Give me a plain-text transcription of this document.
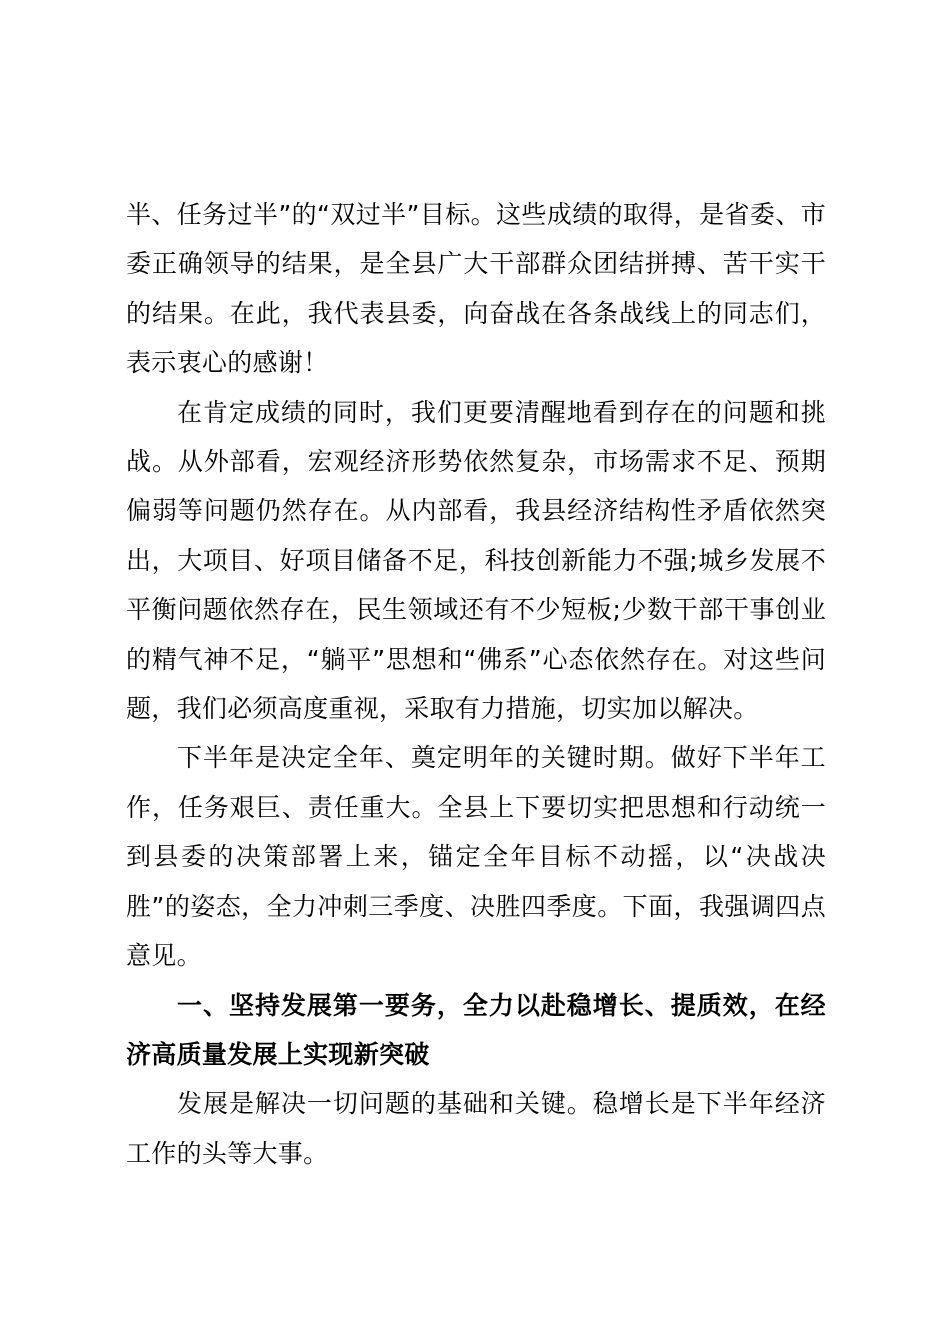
半、任务过半”的“双过半”目标。这些成绩的取得，是省委、市委正确领导的结果，是全县广大干部群众团结拼搏、苦干实干的结果。在此，我代表县委，向奋战在各条战线上的同志们，表示衷心的感谢！

在肯定成绩的同时，我们更要清醒地看到存在的问题和挑战。从外部看，宏观经济形势依然复杂，市场需求不足、预期偏弱等问题仍然存在。从内部看，我县经济结构性矛盾依然突出，大项目、好项目储备不足，科技创新能力不强;城乡发展不平衡问题依然存在，民生领域还有不少短板;少数干部干事创业的精气神不足，“躺平”思想和“佛系”心态依然存在。对这些问题，我们必须高度重视，采取有力措施，切实加以解决。

下半年是决定全年、奠定明年的关键时期。做好下半年工作，任务艰巨、责任重大。全县上下要切实把思想和行动统一到县委的决策部署上来，锚定全年目标不动摇，以“决战决胜”的姿态，全力冲刺三季度、决胜四季度。下面，我强调四点意见。

一、坚持发展第一要务，全力以赴稳增长、提质效，在经济高质量发展上实现新突破

发展是解决一切问题的基础和关键。稳增长是下半年经济工作的头等大事。
